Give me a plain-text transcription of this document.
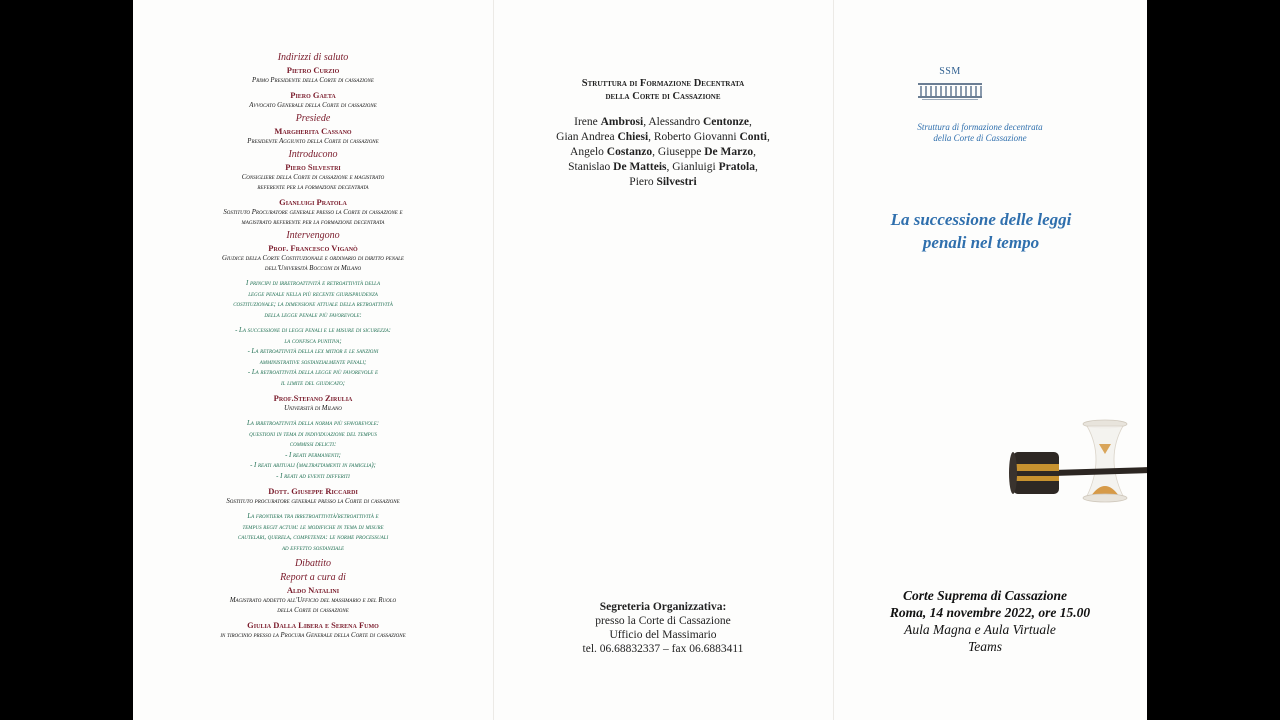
Indirizzi di saluto
Pietro Curzio
Primo Presidente della Corte di cassazione
Piero Gaeta
Avvocato Generale della Corte di cassazione
Presiede
Margherita Cassano
Presidente Aggiunto della Corte di cassazione
Introducono
Piero Silvestri
Consigliere della Corte di cassazione e magistrato
referente per la formazione decentrata
Gianluigi Pratola
Sostituto Procuratore generale presso la Corte di cassazione e
magistrato referente per la formazione decentrata
Intervengono
Prof. Francesco Viganò
Giudice della Corte Costituzionale e ordinario di diritto penale
dell'Università Bocconi di Milano
I principi di irretroattività e retroattività della
legge penale nella più recente giurisprudenza
costituzionale; la dimensione attuale della retroattività
della legge penale più favorevole:
- La successione di leggi penali e le misure di sicurezza:
la confisca punitiva;
- La retroattività della lex mitior e le sanzioni
amministrative sostanzialmente penali;
- La retroattività della legge più favorevole e
il limite del giudicato;
Prof.Stefano Zirulia
Università di Milano
La irretroattività della norma più sfavorevole:
questioni in tema di individuazione del tempus
commissi delicti:
- I reati permanenti;
- I reati abituali (maltrattamenti in famiglia);
- I reati ad eventi differiti
Dott. Giuseppe Riccardi
Sostituto procuratore generale presso la Corte di cassazione
La frontiera tra irretroattività/retroattività e
tempus regit actum: le modifiche in tema di misure
cautelari, querela, competenza: le norme processuali
ad effetto sostanziale
Dibattito
Report a cura di
Aldo Natalini
Magistrato addetto all'Ufficio del massimario e del Ruolo
della Corte di cassazione
Giulia Dalla Libera e Serena Fumo
in tirocinio presso la Procura Generale della Corte di cassazione
Struttura di Formazione Decentrata
della Corte di Cassazione
Irene Ambrosi, Alessandro Centonze,
Gian Andrea Chiesi, Roberto Giovanni Conti,
Angelo Costanzo, Giuseppe De Marzo,
Stanislao De Matteis, Gianluigi Pratola,
Piero Silvestri
Segreteria Organizzativa:
presso la Corte di Cassazione
Ufficio del Massimario
tel. 06.68832337 – fax 06.6883411
SSM
Struttura di formazione decentrata
della Corte di Cassazione
La successione delle leggi
penali nel tempo
Corte Suprema di Cassazione
Roma, 14 novembre 2022, ore 15.00
Aula Magna e Aula Virtuale
Teams
